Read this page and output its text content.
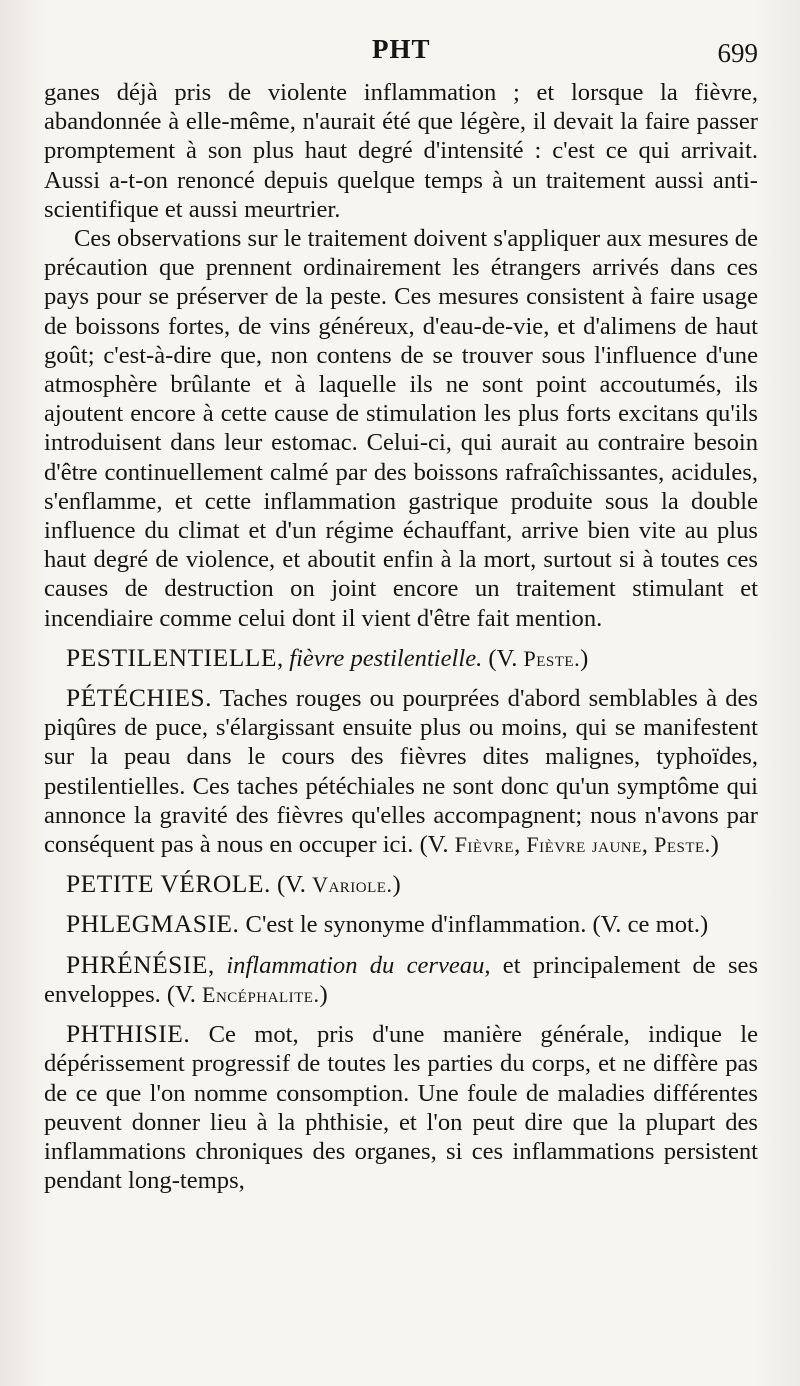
PHT	699

ganes déjà pris de violente inflammation ; et lorsque la fièvre, abandonnée à elle-même, n'aurait été que légère, il devait la faire passer promptement à son plus haut degré d'intensité : c'est ce qui arrivait. Aussi a-t-on renoncé depuis quelque temps à un traitement aussi anti-scientifique et aussi meurtrier.

Ces observations sur le traitement doivent s'appliquer aux mesures de précaution que prennent ordinairement les étrangers arrivés dans ces pays pour se préserver de la peste. Ces mesures consistent à faire usage de boissons fortes, de vins généreux, d'eau-de-vie, et d'alimens de haut goût; c'est-à-dire que, non contens de se trouver sous l'influence d'une atmosphère brûlante et à laquelle ils ne sont point accoutumés, ils ajoutent encore à cette cause de stimulation les plus forts excitans qu'ils introduisent dans leur estomac. Celui-ci, qui aurait au contraire besoin d'être continuellement calmé par des boissons rafraîchissantes, acidules, s'enflamme, et cette inflammation gastrique produite sous la double influence du climat et d'un régime échauffant, arrive bien vite au plus haut degré de violence, et aboutit enfin à la mort, surtout si à toutes ces causes de destruction on joint encore un traitement stimulant et incendiaire comme celui dont il vient d'être fait mention.

PESTILENTIELLE, fièvre pestilentielle. (V. Peste.)

PÉTÉCHIES. Taches rouges ou pourprées d'abord semblables à des piqûres de puce, s'élargissant ensuite plus ou moins, qui se manifestent sur la peau dans le cours des fièvres dites malignes, typhoïdes, pestilentielles. Ces taches pétéchiales ne sont donc qu'un symptôme qui annonce la gravité des fièvres qu'elles accompagnent; nous n'avons par conséquent pas à nous en occuper ici. (V. Fièvre, Fièvre jaune, Peste.)

PETITE VÉROLE. (V. Variole.)

PHLEGMASIE. C'est le synonyme d'inflammation. (V. ce mot.)

PHRÉNÉSIE, inflammation du cerveau, et principalement de ses enveloppes. (V. Encéphalite.)

PHTHISIE. Ce mot, pris d'une manière générale, indique le dépérissement progressif de toutes les parties du corps, et ne diffère pas de ce que l'on nomme consomption. Une foule de maladies différentes peuvent donner lieu à la phthisie, et l'on peut dire que la plupart des inflammations chroniques des organes, si ces inflammations persistent pendant long-temps,
